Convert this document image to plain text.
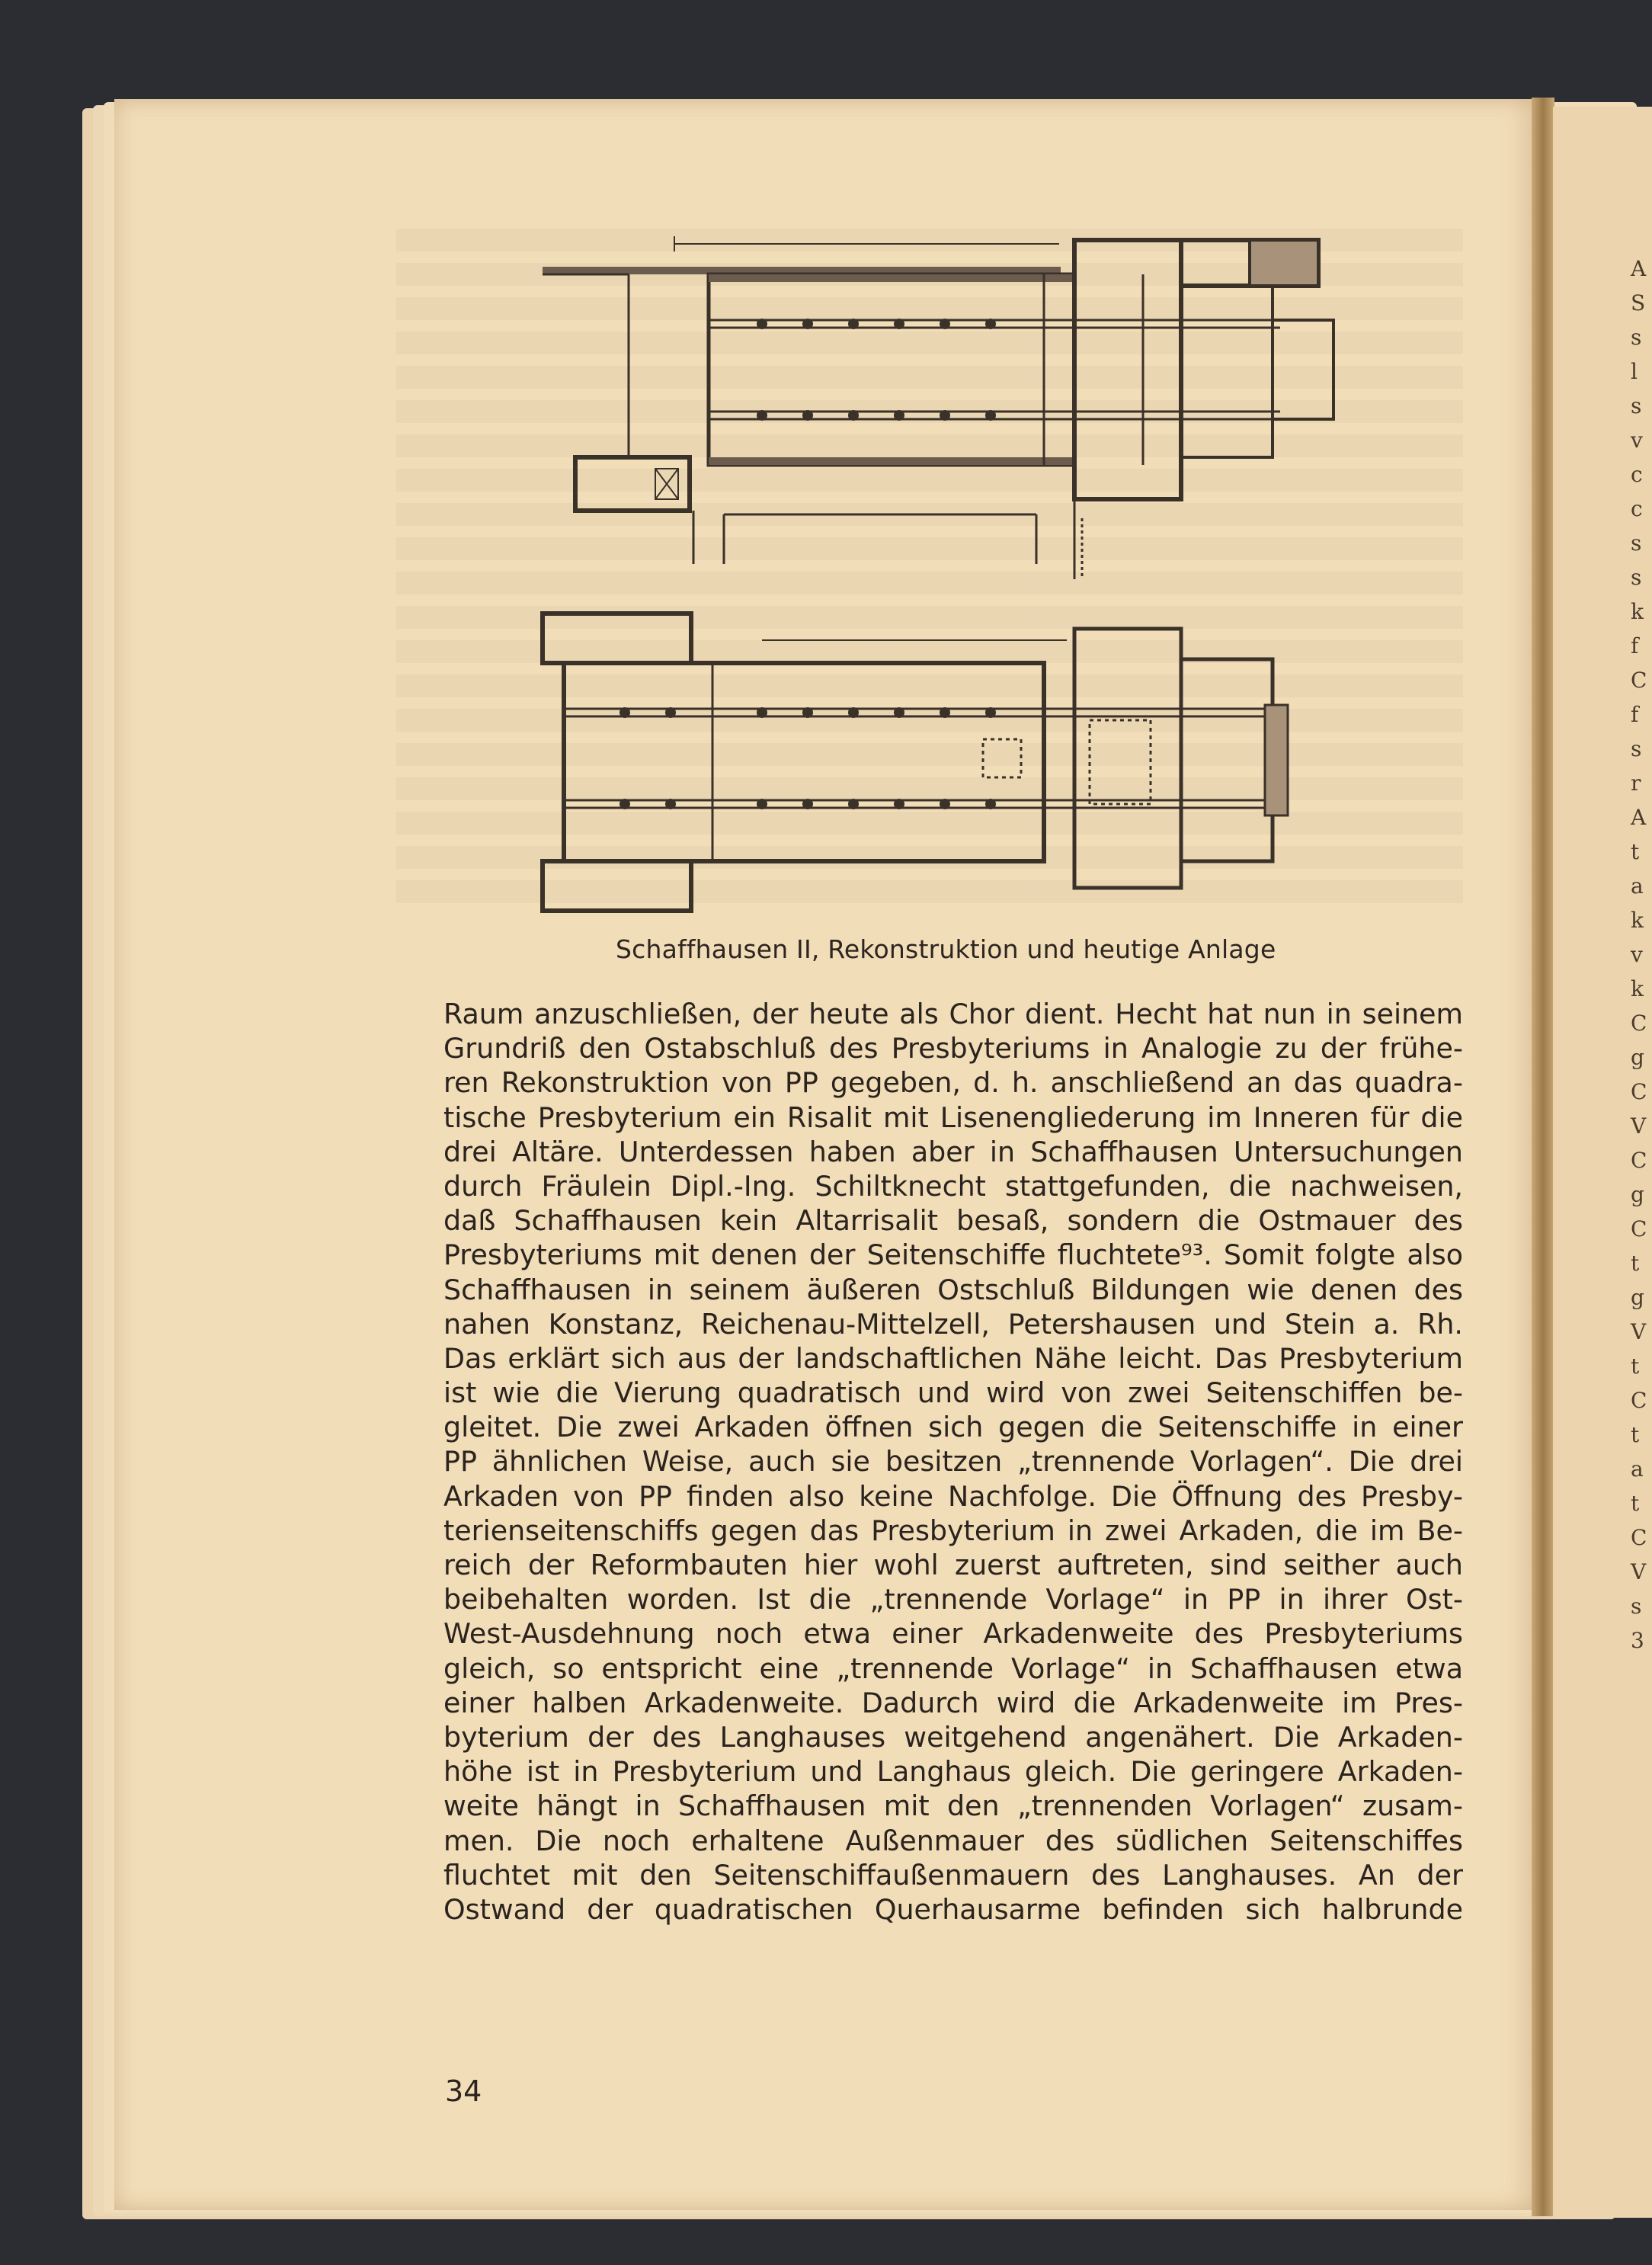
A
S
s
l
s
v
c
c
s
s
k
f
C
f
s
r
A
t
a
k
v
k
C
g
C
V
C
g
C
t
g
V
t
C
t
a
t
C
V
s
3
Schaffhausen II, Rekonstruktion und heutige Anlage
Raum anzuschließen, der heute als Chor dient. Hecht hat nun in seinem
Grundriß den Ostabschluß des Presbyteriums in Analogie zu der frühe-
ren Rekonstruktion von PP gegeben, d. h. anschließend an das quadra-
tische Presbyterium ein Risalit mit Lisenengliederung im Inneren für die
drei Altäre. Unterdessen haben aber in Schaffhausen Untersuchungen
durch Fräulein Dipl.-Ing. Schiltknecht stattgefunden, die nachweisen,
daß Schaffhausen kein Altarrisalit besaß, sondern die Ostmauer des
Presbyteriums mit denen der Seitenschiffe fluchtete⁹³. Somit folgte also
Schaffhausen in seinem äußeren Ostschluß Bildungen wie denen des
nahen Konstanz, Reichenau-Mittelzell, Petershausen und Stein a. Rh.
Das erklärt sich aus der landschaftlichen Nähe leicht. Das Presbyterium
ist wie die Vierung quadratisch und wird von zwei Seitenschiffen be-
gleitet. Die zwei Arkaden öffnen sich gegen die Seitenschiffe in einer
PP ähnlichen Weise, auch sie besitzen „trennende Vorlagen“. Die drei
Arkaden von PP finden also keine Nachfolge. Die Öffnung des Presby-
terienseitenschiffs gegen das Presbyterium in zwei Arkaden, die im Be-
reich der Reformbauten hier wohl zuerst auftreten, sind seither auch
beibehalten worden. Ist die „trennende Vorlage“ in PP in ihrer Ost-
West-Ausdehnung noch etwa einer Arkadenweite des Presbyteriums
gleich, so entspricht eine „trennende Vorlage“ in Schaffhausen etwa
einer halben Arkadenweite. Dadurch wird die Arkadenweite im Pres-
byterium der des Langhauses weitgehend angenähert. Die Arkaden-
höhe ist in Presbyterium und Langhaus gleich. Die geringere Arkaden-
weite hängt in Schaffhausen mit den „trennenden Vorlagen“ zusam-
men. Die noch erhaltene Außenmauer des südlichen Seitenschiffes
fluchtet mit den Seitenschiffaußenmauern des Langhauses. An der
Ostwand der quadratischen Querhausarme befinden sich halbrunde
34
